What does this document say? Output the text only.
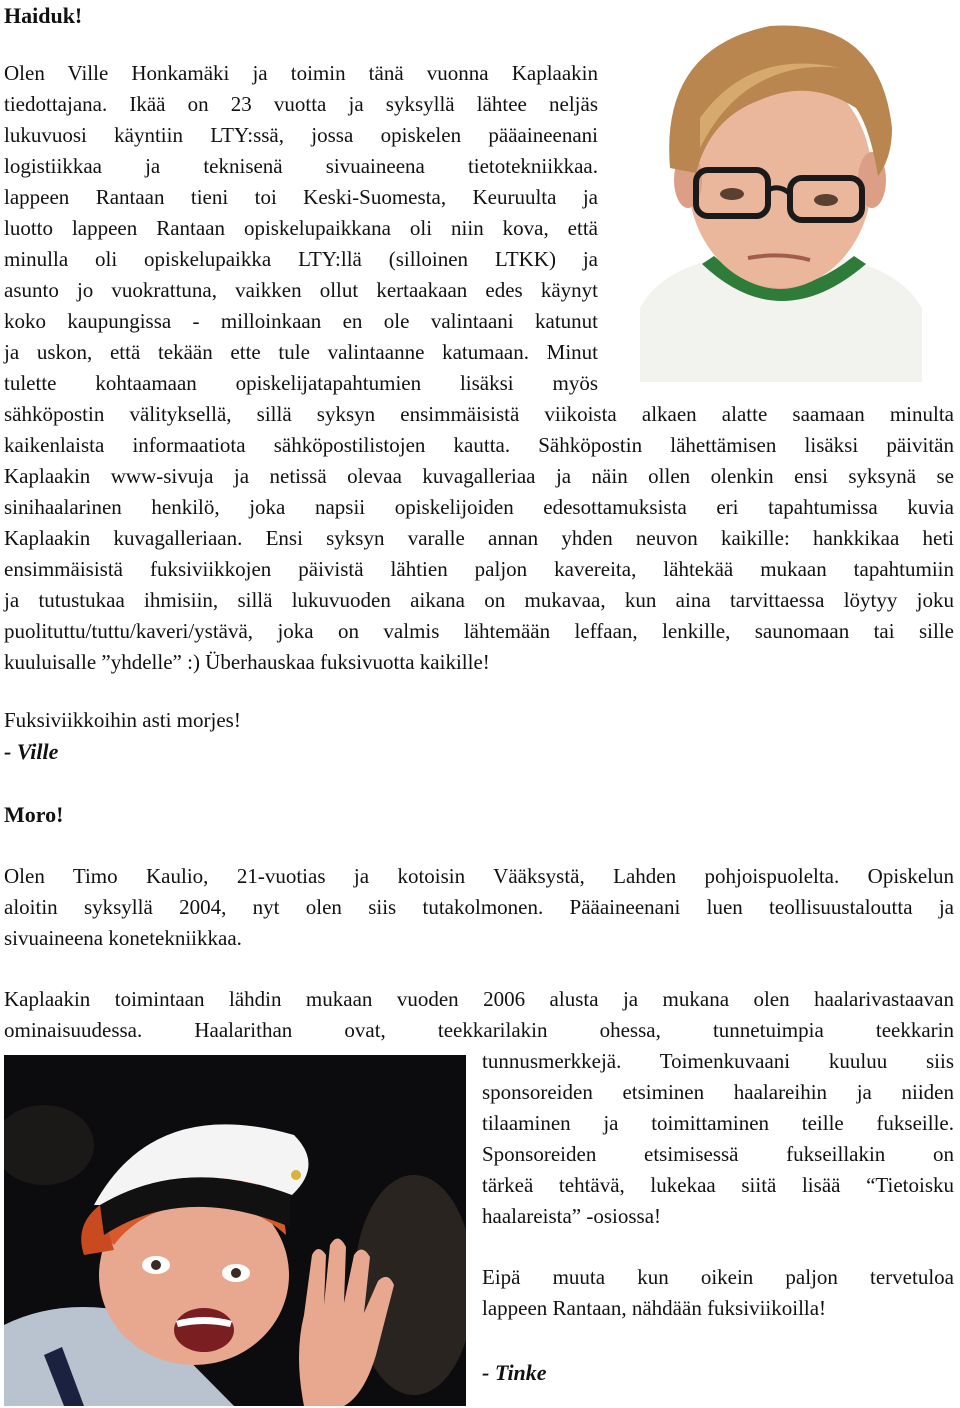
Haiduk!
Olen Ville Honkamäki ja toimin tänä vuonna Kaplaakin
tiedottajana. Ikää on 23 vuotta ja syksyllä lähtee neljäs
lukuvuosi käyntiin LTY:ssä, jossa opiskelen pääaineenani
logistiikkaa ja teknisenä sivuaineena tietotekniikkaa.
lappeen Rantaan tieni toi Keski-Suomesta, Keuruulta ja
luotto lappeen Rantaan opiskelupaikkana oli niin kova, että
minulla oli opiskelupaikka LTY:llä (silloinen LTKK) ja
asunto jo vuokrattuna, vaikken ollut kertaakaan edes käynyt
koko kaupungissa - milloinkaan en ole valintaani katunut
ja uskon, että tekään ette tule valintaanne katumaan. Minut
tulette kohtaamaan opiskelijatapahtumien lisäksi myös
sähköpostin välityksellä, sillä syksyn ensimmäisistä viikoista alkaen alatte saamaan minulta
kaikenlaista informaatiota sähköpostilistojen kautta. Sähköpostin lähettämisen lisäksi päivitän
Kaplaakin www-sivuja ja netissä olevaa kuvagalleriaa ja näin ollen olenkin ensi syksynä se
sinihaalarinen henkilö, joka napsii opiskelijoiden edesottamuksista eri tapahtumissa kuvia
Kaplaakin kuvagalleriaan. Ensi syksyn varalle annan yhden neuvon kaikille: hankkikaa heti
ensimmäisistä fuksiviikkojen päivistä lähtien paljon kavereita, lähtekää mukaan tapahtumiin
ja tutustukaa ihmisiin, sillä lukuvuoden aikana on mukavaa, kun aina tarvittaessa löytyy joku
puolituttu/tuttu/kaveri/ystävä, joka on valmis lähtemään leffaan, lenkille, saunomaan tai sille
kuuluisalle ”yhdelle” :) Überhauskaa fuksivuotta kaikille!
Fuksiviikkoihin asti morjes!
- Ville
Moro!
Olen Timo Kaulio, 21-vuotias ja kotoisin Vääksystä, Lahden pohjoispuolelta. Opiskelun
aloitin syksyllä 2004, nyt olen siis tutakolmonen. Pääaineenani luen teollisuustaloutta ja
sivuaineena konetekniikkaa.
Kaplaakin toimintaan lähdin mukaan vuoden 2006 alusta ja mukana olen haalarivastaavan
ominaisuudessa. Haalarithan ovat, teekkarilakin ohessa, tunnetuimpia teekkarin
tunnusmerkkejä. Toimenkuvaani kuuluu siis
sponsoreiden etsiminen haalareihin ja niiden
tilaaminen ja toimittaminen teille fukseille.
Sponsoreiden etsimisessä fukseillakin on
tärkeä tehtävä, lukekaa siitä lisää “Tietoisku
haalareista” -osiossa!
Eipä muuta kun oikein paljon tervetuloa
lappeen Rantaan, nähdään fuksiviikoilla!
- Tinke
